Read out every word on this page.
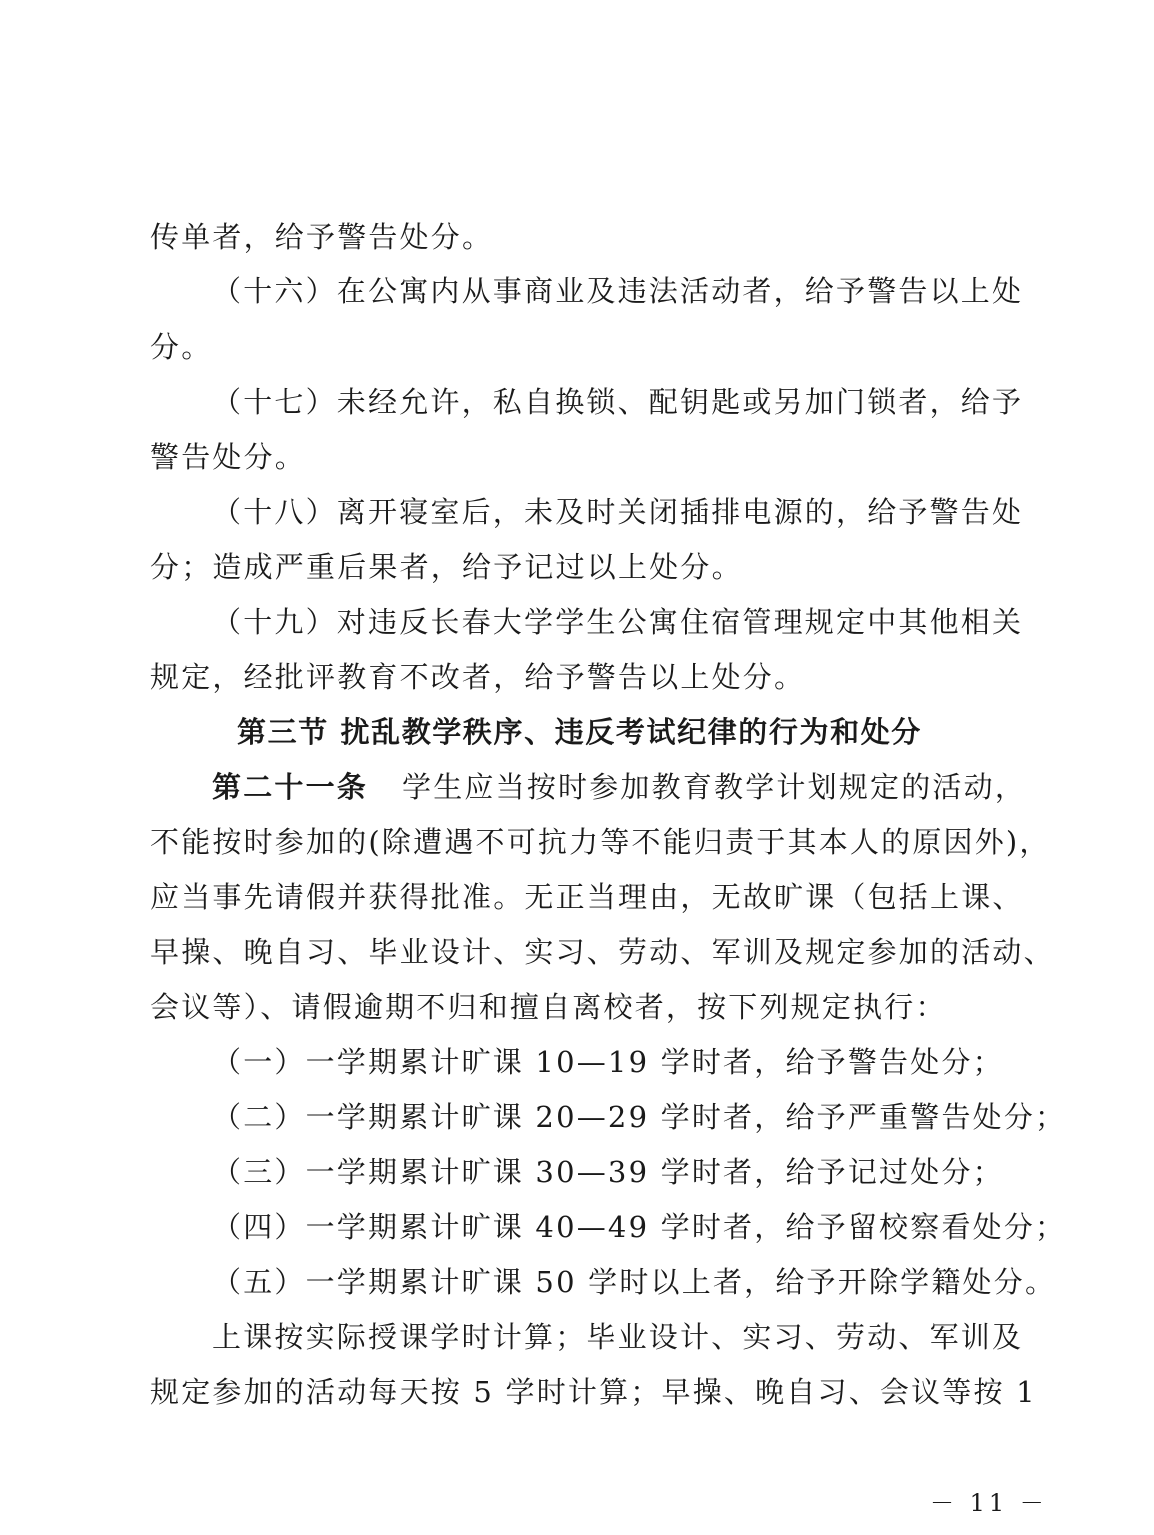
传单者，给予警告处分。
（十六）在公寓内从事商业及违法活动者，给予警告以上处
分。
（十七）未经允许，私自换锁、配钥匙或另加门锁者，给予
警告处分。
（十八）离开寝室后，未及时关闭插排电源的，给予警告处
分；造成严重后果者，给予记过以上处分。
（十九）对违反长春大学学生公寓住宿管理规定中其他相关
规定，经批评教育不改者，给予警告以上处分。
第三节 扰乱教学秩序、违反考试纪律的行为和处分
第二十一条 学生应当按时参加教育教学计划规定的活动，
不能按时参加的(除遭遇不可抗力等不能归责于其本人的原因外)，
应当事先请假并获得批准。无正当理由，无故旷课（包括上课、
早操、晚自习、毕业设计、实习、劳动、军训及规定参加的活动、
会议等）、请假逾期不归和擅自离校者，按下列规定执行：
（一）一学期累计旷课 10—19 学时者，给予警告处分；
（二）一学期累计旷课 20—29 学时者，给予严重警告处分；
（三）一学期累计旷课 30—39 学时者，给予记过处分；
（四）一学期累计旷课 40—49 学时者，给予留校察看处分；
（五）一学期累计旷课 50 学时以上者，给予开除学籍处分。
上课按实际授课学时计算；毕业设计、实习、劳动、军训及
规定参加的活动每天按 5 学时计算；早操、晚自习、会议等按 1
－ 11 －
